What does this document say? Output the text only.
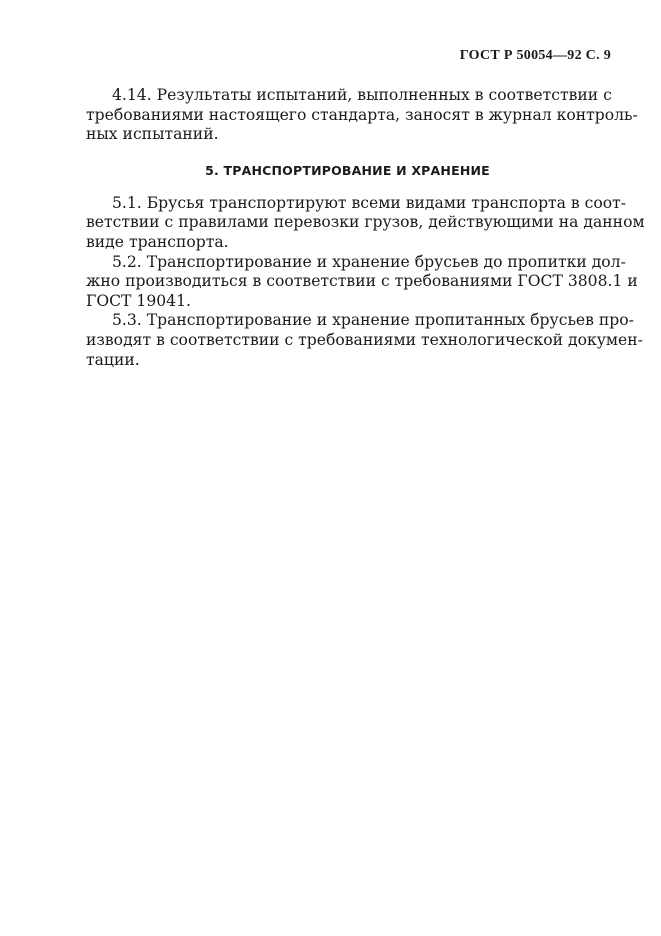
ГОСТ Р 50054—92 С. 9
4.14. Результаты испытаний, выполненных в соответствии с
требованиями настоящего стандарта, заносят в журнал контроль-
ных испытаний.
5. ТРАНСПОРТИРОВАНИЕ И ХРАНЕНИЕ
5.1. Брусья транспортируют всеми видами транспорта в соот-
ветствии с правилами перевозки грузов, действующими на данном
виде транспорта.
5.2. Транспортирование и хранение брусьев до пропитки дол-
жно производиться в соответствии с требованиями ГОСТ 3808.1 и
ГОСТ 19041.
5.3. Транспортирование и хранение пропитанных брусьев про-
изводят в соответствии с требованиями технологической докумен-
тации.
